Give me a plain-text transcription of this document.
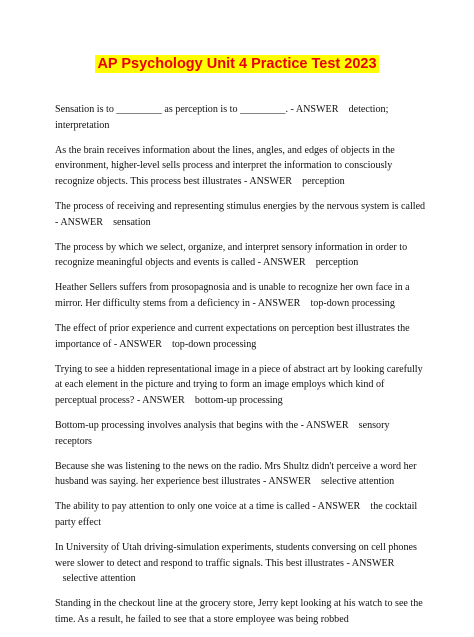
AP Psychology Unit 4 Practice Test 2023

Sensation is to _________ as perception is to _________. - ANSWER detection; interpretation

As the brain receives information about the lines, angles, and edges of objects in the environment, higher-level sells process and interpret the information to consciously recognize objects. This process best illustrates - ANSWER perception

The process of receiving and representing stimulus energies by the nervous system is called - ANSWER sensation

The process by which we select, organize, and interpret sensory information in order to recognize meaningful objects and events is called - ANSWER perception

Heather Sellers suffers from prosopagnosia and is unable to recognize her own face in a mirror. Her difficulty stems from a deficiency in - ANSWER top-down processing

The effect of prior experience and current expectations on perception best illustrates the importance of - ANSWER top-down processing

Trying to see a hidden representational image in a piece of abstract art by looking carefully at each element in the picture and trying to form an image employs which kind of perceptual process? - ANSWER bottom-up processing

Bottom-up processing involves analysis that begins with the - ANSWER sensory receptors

Because she was listening to the news on the radio. Mrs Shultz didn't perceive a word her husband was saying. her experience best illustrates - ANSWER selective attention

The ability to pay attention to only one voice at a time is called - ANSWER the cocktail party effect

In University of Utah driving-simulation experiments, students conversing on cell phones were slower to detect and respond to traffic signals. This best illustrates - ANSWER selective attention

Standing in the checkout line at the grocery store, Jerry kept looking at his watch to see the time. As a result, he failed to see that a store employee was being robbed
